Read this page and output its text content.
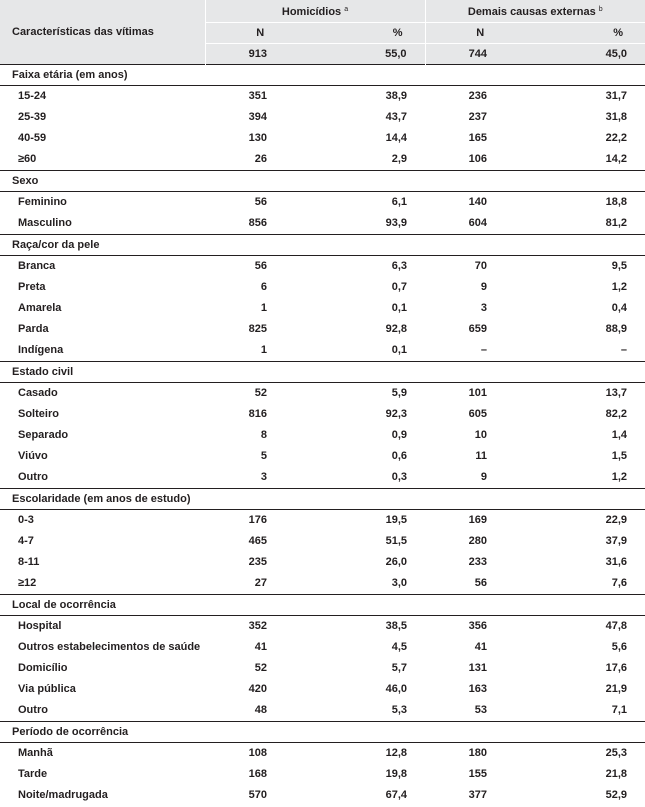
Características das vítimas	Homicídios $^a$		Demais causas externas $^b$
	N	%	N	%
	913	55,0	744	45,0
Faixa etária (em anos)				
15-24	351	38,9	236	31,7
25-39	394	43,7	237	31,8
40-59	130	14,4	165	22,2
≥60	26	2,9	106	14,2
Sexo				
Feminino	56	6,1	140	18,8
Masculino	856	93,9	604	81,2
Raça/cor da pele				
Branca	56	6,3	70	9,5
Preta	6	0,7	9	1,2
Amarela	1	0,1	3	0,4
Parda	825	92,8	659	88,9
Indígena	1	0,1	–	–
Estado civil				
Casado	52	5,9	101	13,7
Solteiro	816	92,3	605	82,2
Separado	8	0,9	10	1,4
Viúvo	5	0,6	11	1,5
Outro	3	0,3	9	1,2
Escolaridade (em anos de estudo)				
0-3	176	19,5	169	22,9
4-7	465	51,5	280	37,9
8-11	235	26,0	233	31,6
≥12	27	3,0	56	7,6
Local de ocorrência				
Hospital	352	38,5	356	47,8
Outros estabelecimentos de saúde	41	4,5	41	5,6
Domicílio	52	5,7	131	17,6
Via pública	420	46,0	163	21,9
Outro	48	5,3	53	7,1
Período de ocorrência				
Manhã	108	12,8	180	25,3
Tarde	168	19,8	155	21,8
Noite/madrugada	570	67,4	377	52,9
